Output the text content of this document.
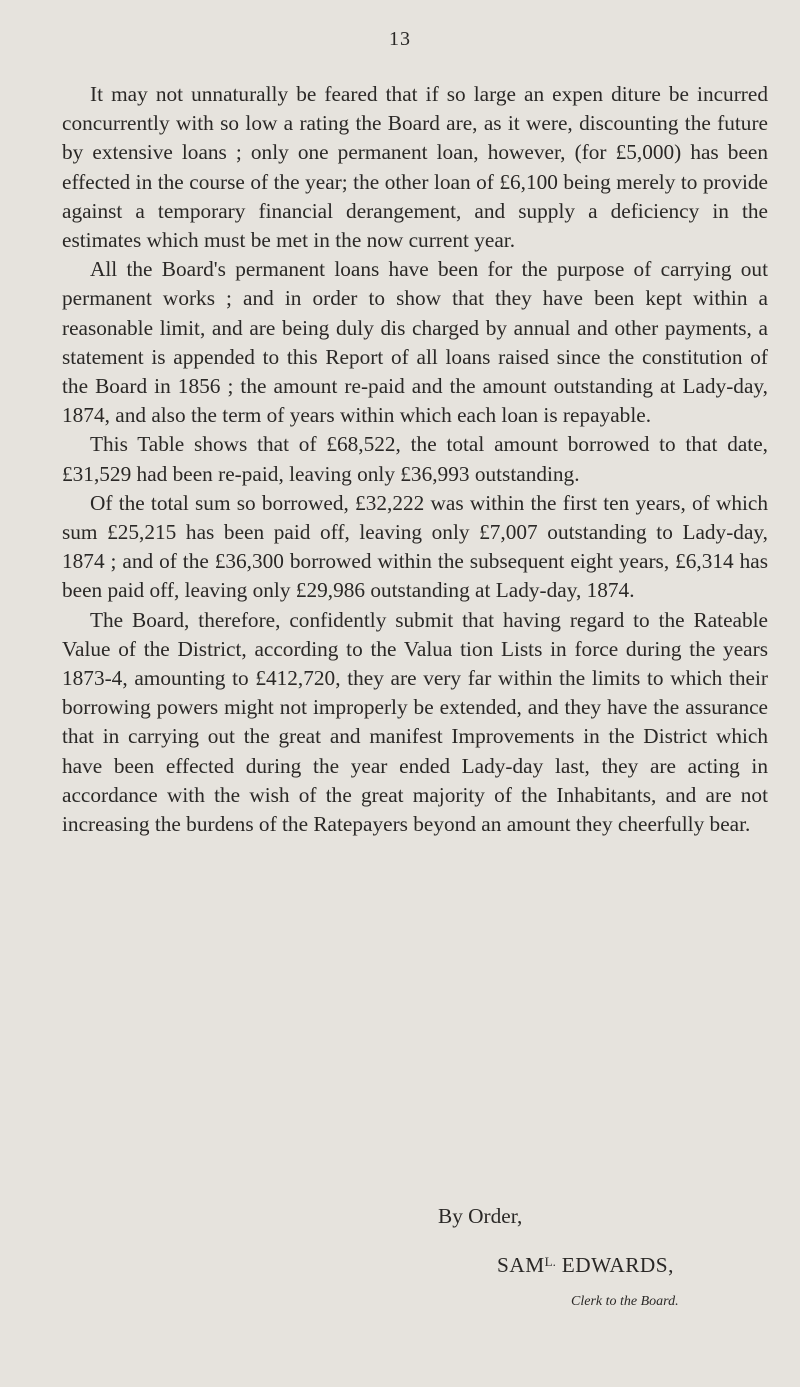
13

It may not unnaturally be feared that if so large an expen diture be incurred concurrently with so low a rating the Board are, as it were, discounting the future by extensive loans ; only one permanent loan, however, (for £5,000) has been effected in the course of the year; the other loan of £6,100 being merely to provide against a temporary financial derangement, and supply a deficiency in the estimates which must be met in the now current year.

All the Board's permanent loans have been for the purpose of carrying out permanent works ; and in order to show that they have been kept within a reasonable limit, and are being duly dis charged by annual and other payments, a statement is appended to this Report of all loans raised since the constitution of the Board in 1856 ; the amount re-paid and the amount outstanding at Lady-day, 1874, and also the term of years within which each loan is repayable.

This Table shows that of £68,522, the total amount borrowed to that date, £31,529 had been re-paid, leaving only £36,993 outstanding.

Of the total sum so borrowed, £32,222 was within the first ten years, of which sum £25,215 has been paid off, leaving only £7,007 outstanding to Lady-day, 1874 ; and of the £36,300 borrowed within the subsequent eight years, £6,314 has been paid off, leaving only £29,986 outstanding at Lady-day, 1874.

The Board, therefore, confidently submit that having regard to the Rateable Value of the District, according to the Valua tion Lists in force during the years 1873-4, amounting to £412,720, they are very far within the limits to which their borrowing powers might not improperly be extended, and they have the assurance that in carrying out the great and manifest Improvements in the District which have been effected during the year ended Lady-day last, they are acting in accordance with the wish of the great majority of the Inhabitants, and are not increasing the burdens of the Ratepayers beyond an amount they cheerfully bear.

By Order,
$SAM^{L.}$ EDWARDS,
Clerk to the Board.
